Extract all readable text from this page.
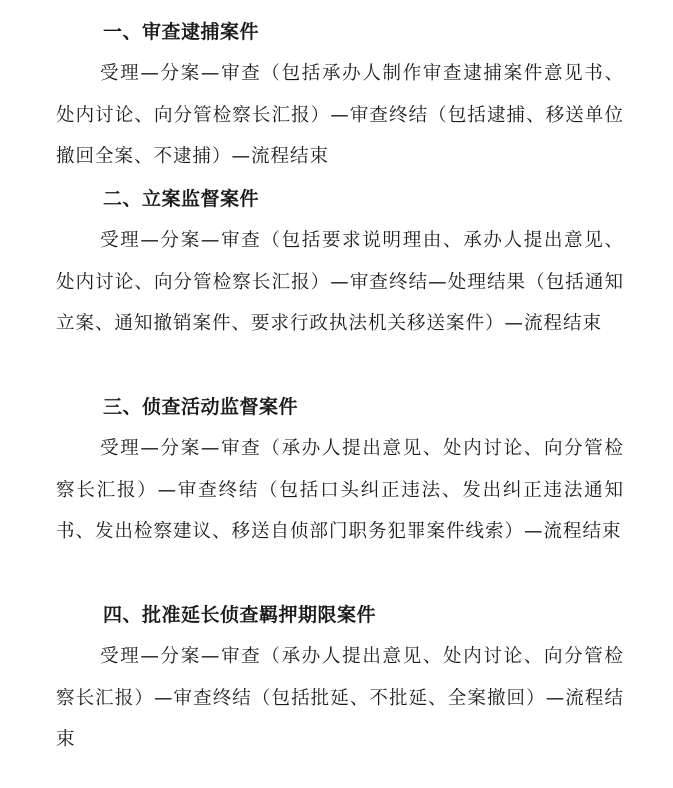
一、审查逮捕案件

受理—分案—审查（包括承办人制作审查逮捕案件意见书、处内讨论、向分管检察长汇报）—审查终结（包括逮捕、移送单位撤回全案、不逮捕）—流程结束

二、立案监督案件

受理—分案—审查（包括要求说明理由、承办人提出意见、处内讨论、向分管检察长汇报）—审查终结—处理结果（包括通知立案、通知撤销案件、要求行政执法机关移送案件）—流程结束

三、侦查活动监督案件

受理—分案—审查（承办人提出意见、处内讨论、向分管检察长汇报）—审查终结（包括口头纠正违法、发出纠正违法通知书、发出检察建议、移送自侦部门职务犯罪案件线索）—流程结束

四、批准延长侦查羁押期限案件

受理—分案—审查（承办人提出意见、处内讨论、向分管检察长汇报）—审查终结（包括批延、不批延、全案撤回）—流程结束
